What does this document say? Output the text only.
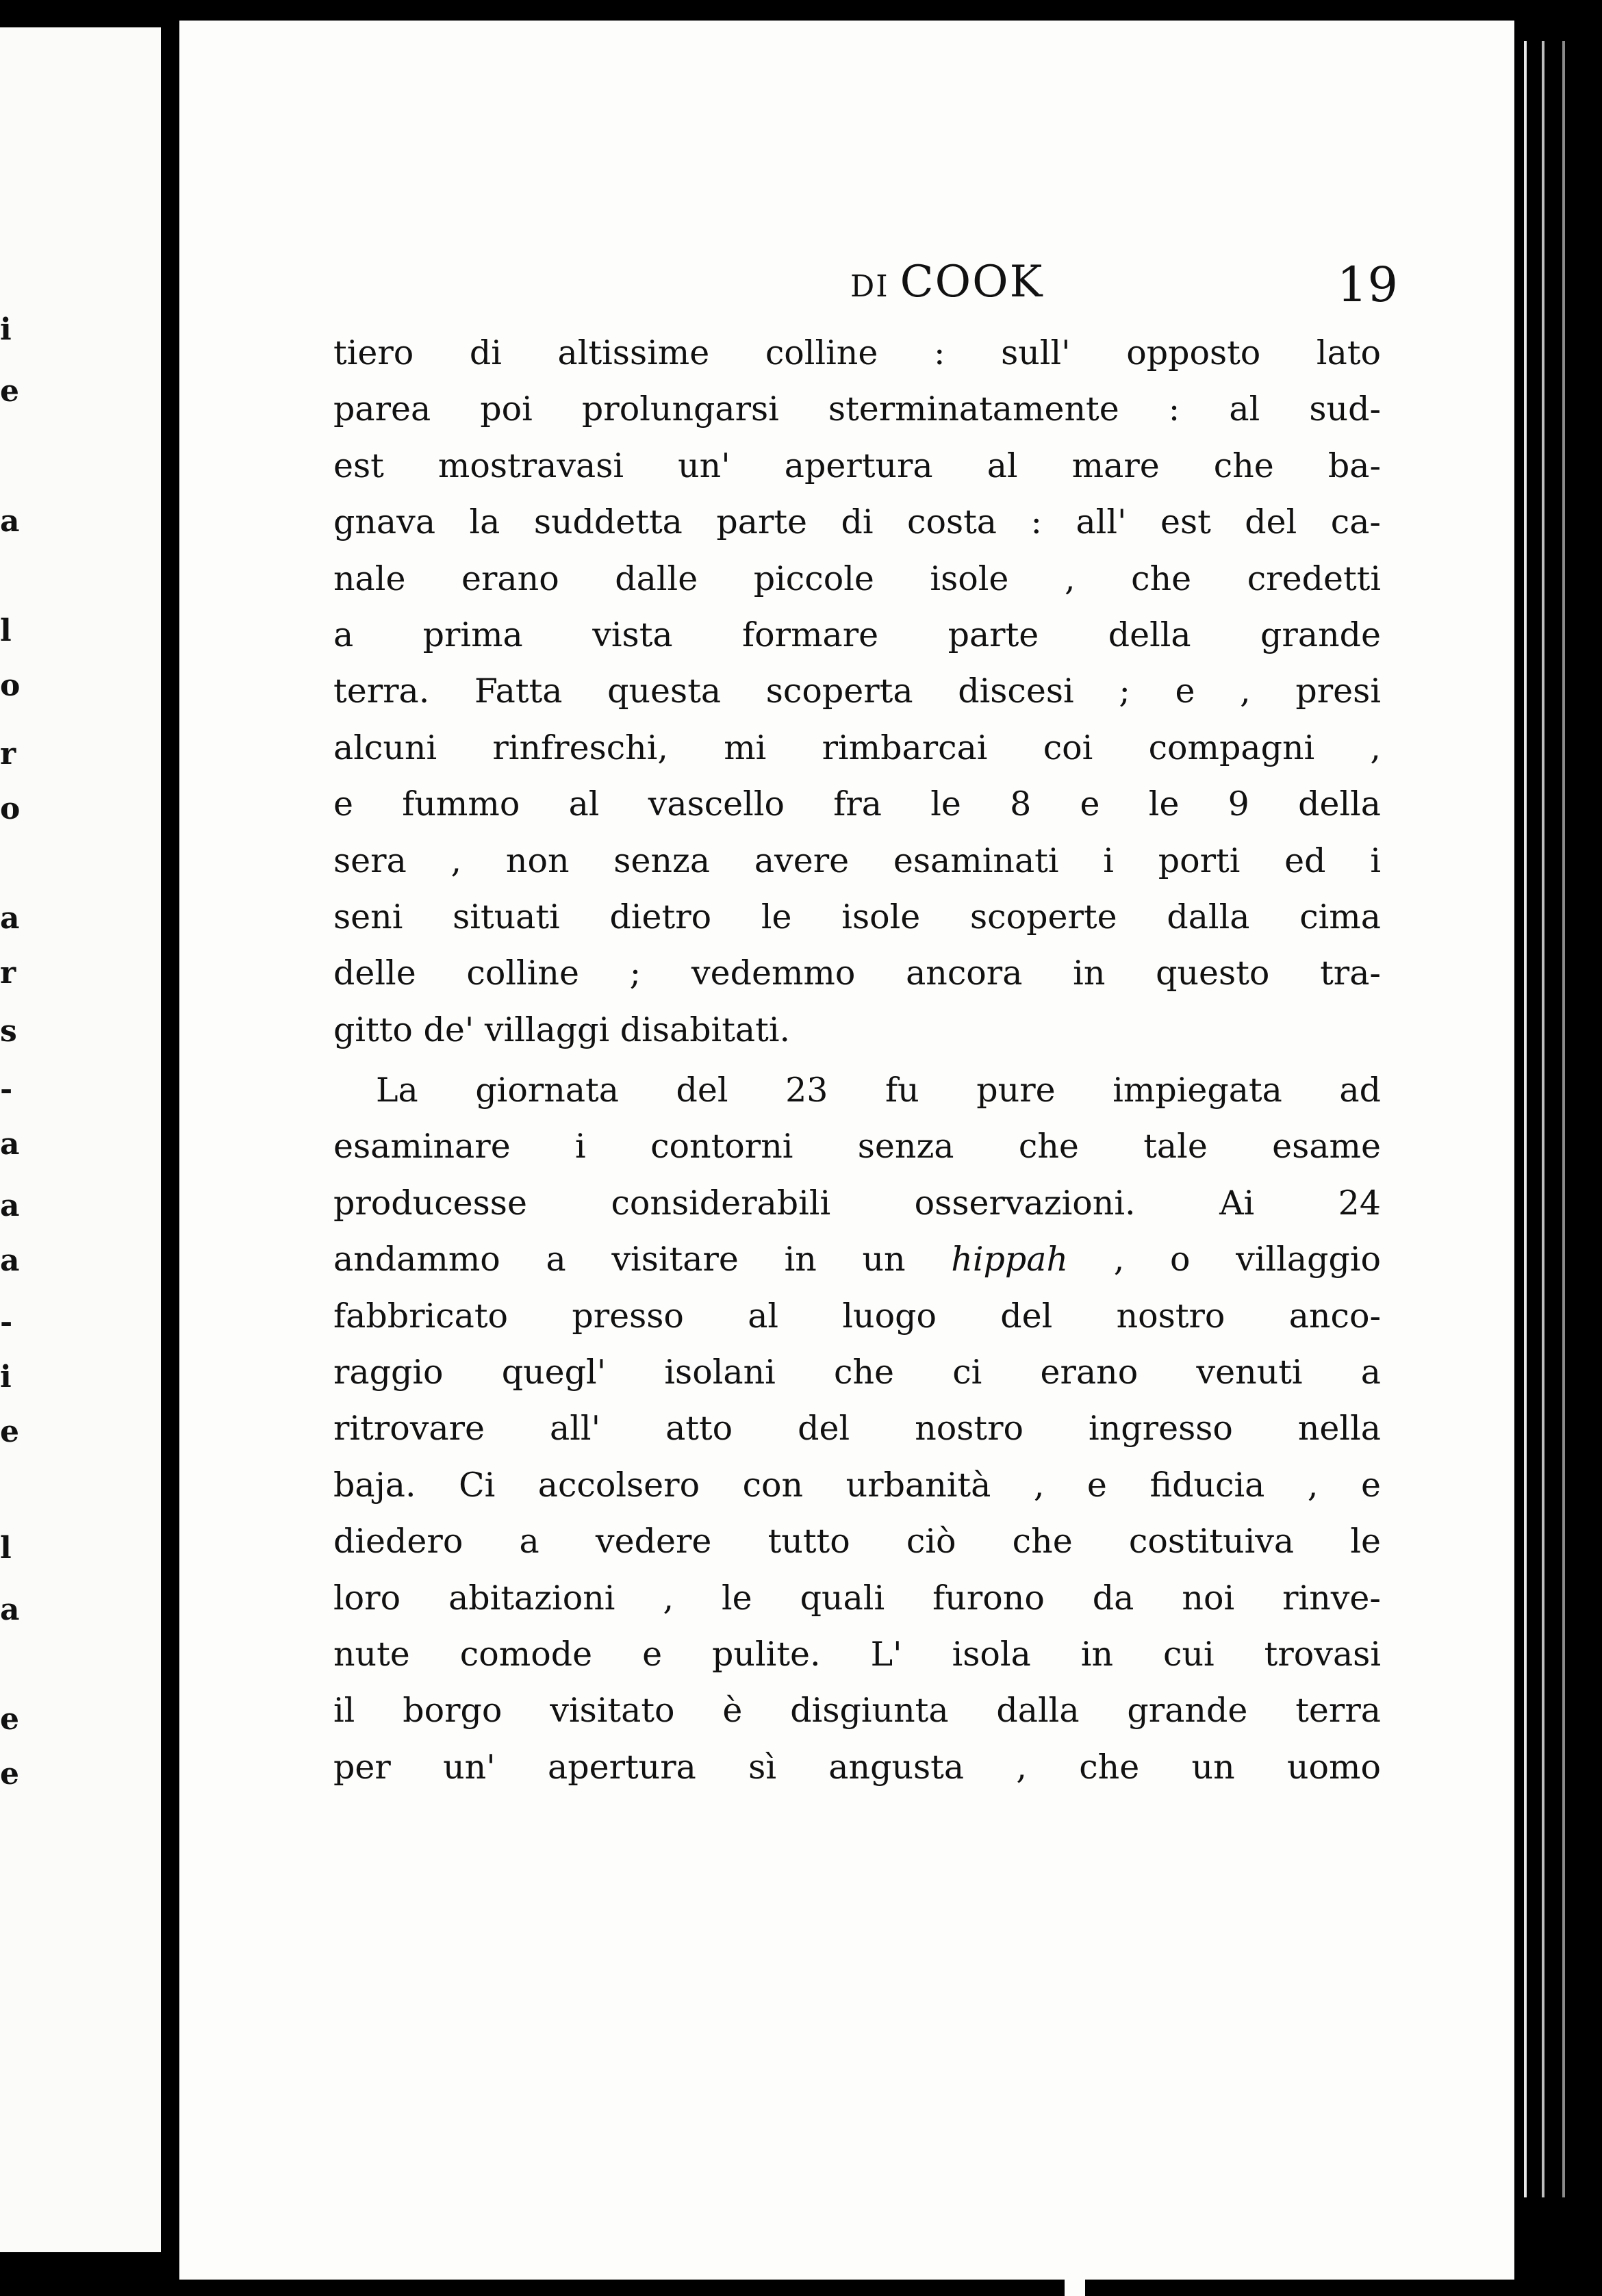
i
e
a
l
o
r
o
a
r
s
-
a
a
a
-
i
e
l
a
e
e
DI COOK	19
tiero di altissime colline : sull' opposto lato
parea poi prolungarsi sterminatamente : al sud-
est mostravasi un' apertura al mare che ba-
gnava la suddetta parte di costa : all' est del ca-
nale erano dalle piccole isole , che credetti
a prima vista formare parte della grande
terra. Fatta questa scoperta discesi ; e , presi
alcuni rinfreschi, mi rimbarcai coi compagni ,
e fummo al vascello fra le 8 e le 9 della
sera , non senza avere esaminati i porti ed i
seni situati dietro le isole scoperte dalla cima
delle colline ; vedemmo ancora in questo tra-
gitto de' villaggi disabitati.
La giornata del 23 fu pure impiegata ad
esaminare i contorni senza che tale esame
producesse considerabili osservazioni. Ai 24
andammo a visitare in un hippah , o villaggio
fabbricato presso al luogo del nostro anco-
raggio quegl' isolani che ci erano venuti a
ritrovare all' atto del nostro ingresso nella
baja. Ci accolsero con urbanità , e fiducia , e
diedero a vedere tutto ciò che costituiva le
loro abitazioni , le quali furono da noi rinve-
nute comode e pulite. L' isola in cui trovasi
il borgo visitato è disgiunta dalla grande terra
per un' apertura sì angusta , che un uomo
